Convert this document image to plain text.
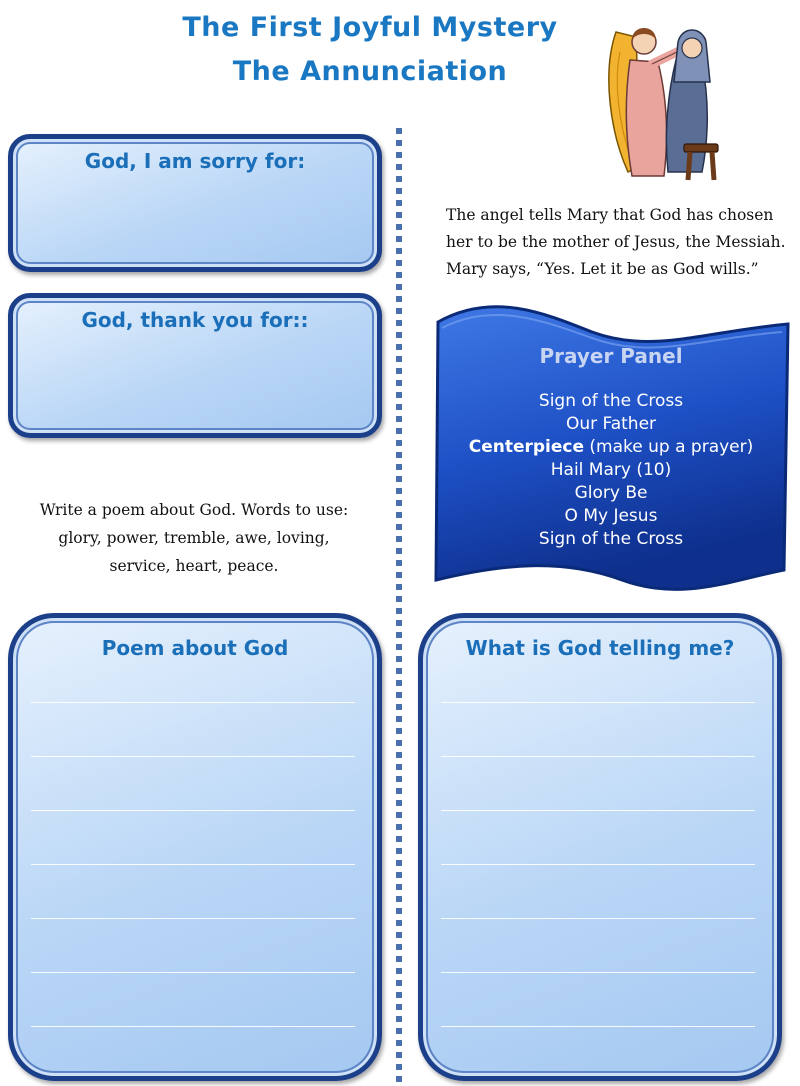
The First Joyful Mystery
The Annunciation
God, I am sorry for:
God, thank you for::
The angel tells Mary that God has chosen
her to be the mother of Jesus, the Messiah.
Mary says, “Yes. Let it be as God wills.”
Prayer Panel
Sign of the Cross
Our Father
Centerpiece (make up a prayer)
Hail Mary (10)
Glory Be
O My Jesus
Sign of the Cross
Write a poem about God. Words to use:
glory, power, tremble, awe, loving,
service, heart, peace.
Poem about God	What is God telling me?
